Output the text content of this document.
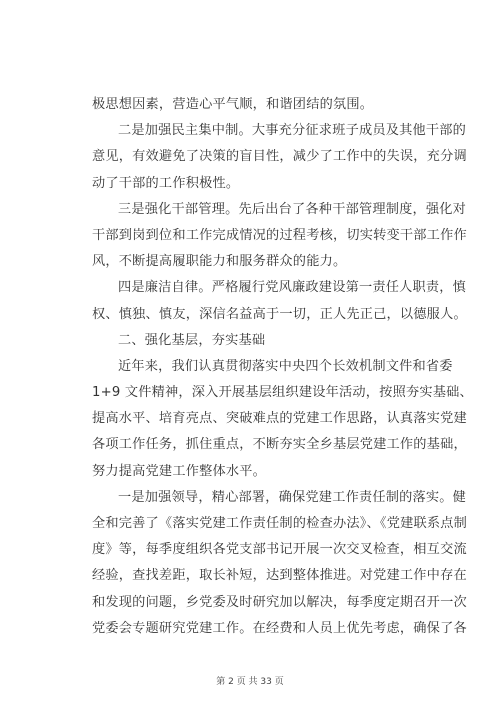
极思想因素，营造心平气顺，和谐团结的氛围。
二是加强民主集中制。大事充分征求班子成员及其他干部的
意见，有效避免了决策的盲目性，减少了工作中的失误，充分调
动了干部的工作积极性。
三是强化干部管理。先后出台了各种干部管理制度，强化对
干部到岗到位和工作完成情况的过程考核，切实转变干部工作作
风，不断提高履职能力和服务群众的能力。
四是廉洁自律。严格履行党风廉政建设第一责任人职责，慎
权、慎独、慎友，深信名益高于一切，正人先正己，以德服人。
二、强化基层，夯实基础
近年来，我们认真贯彻落实中央四个长效机制文件和省委
1+9 文件精神，深入开展基层组织建设年活动，按照夯实基础、
提高水平、培育亮点、突破难点的党建工作思路，认真落实党建
各项工作任务，抓住重点，不断夯实全乡基层党建工作的基础，
努力提高党建工作整体水平。
一是加强领导，精心部署，确保党建工作责任制的落实。健
全和完善了《落实党建工作责任制的检查办法》、《党建联系点制
度》等，每季度组织各党支部书记开展一次交叉检查，相互交流
经验，查找差距，取长补短，达到整体推进。对党建工作中存在
和发现的问题，乡党委及时研究加以解决，每季度定期召开一次
党委会专题研究党建工作。在经费和人员上优先考虑，确保了各
第 2 页 共 33 页
